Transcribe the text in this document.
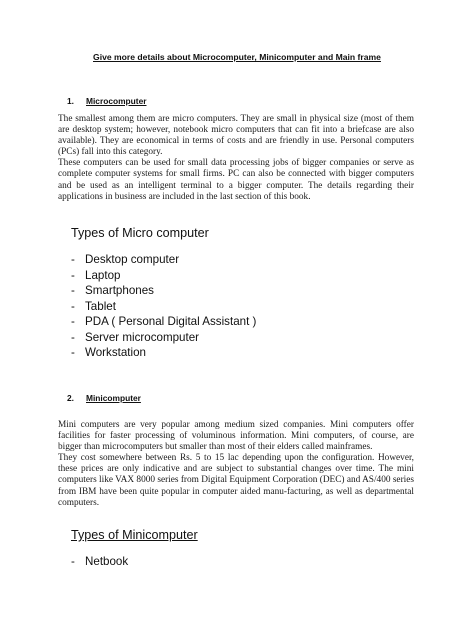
Give more details about Microcomputer, Minicomputer and Main frame
1. Microcomputer

The smallest among them are micro computers. They are small in physical size (most of them are desktop system; however, notebook micro computers that can fit into a briefcase are also available). They are economical in terms of costs and are friendly in use. Personal computers (PCs) fall into this category.

These computers can be used for small data processing jobs of bigger companies or serve as complete computer systems for small firms. PC can also be connected with bigger computers and be used as an intelligent terminal to a bigger computer. The details regarding their applications in business are included in the last section of this book.

Types of Micro computer
- Desktop computer
- Laptop
- Smartphones
- Tablet
- PDA ( Personal Digital Assistant )
- Server microcomputer
- Workstation
2. Minicomputer

Mini computers are very popular among medium sized companies. Mini computers offer facilities for faster processing of voluminous information. Mini computers, of course, are bigger than microcomputers but smaller than most of their elders called mainframes.

They cost somewhere between Rs. 5 to 15 lac depending upon the configuration. However, these prices are only indicative and are subject to substantial changes over time. The mini computers like VAX 8000 series from Digital Equipment Corporation (DEC) and AS/400 series from IBM have been quite popular in computer aided manu-facturing, as well as departmental computers.

Types of Minicomputer
- Netbook
